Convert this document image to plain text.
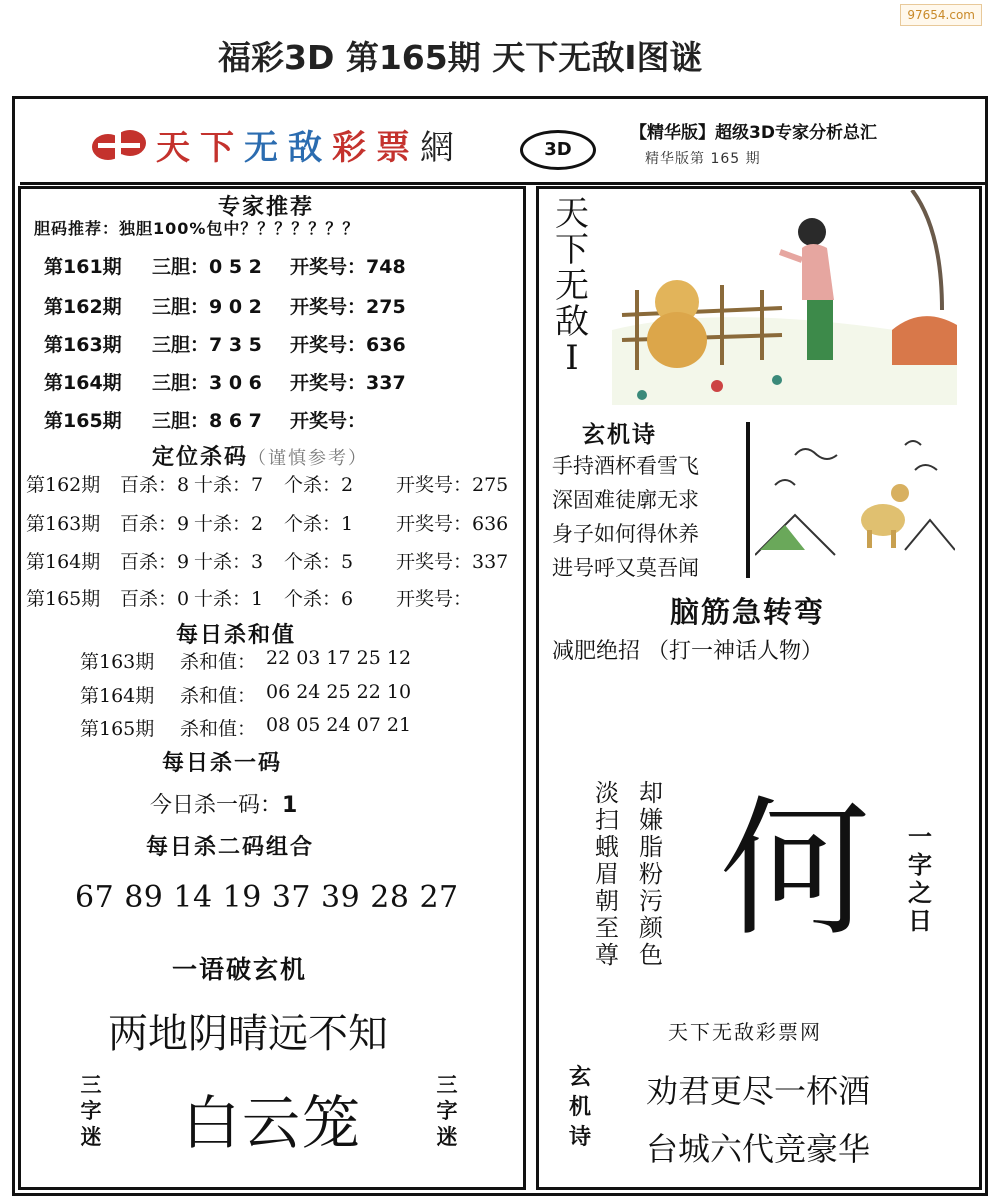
97654.com
福彩3D 第165期 天下无敌Ⅰ图谜
天下无敌彩票網	3D
【精华版】超级3D专家分析总汇
精华版第 165 期
专家推荐
胆码推荐：独胆100%包中？？？？？？？
第161期 三胆：0 5 2 开奖号：748
第162期 三胆：9 0 2 开奖号：275
第163期 三胆：7 3 5 开奖号：636
第164期 三胆：3 0 6 开奖号：337
第165期 三胆：8 6 7 开奖号：
定位杀码（谨慎参考）
第162期 百杀：8 十杀：7 个杀：2 开奖号：275
第163期 百杀：9 十杀：2 个杀：1 开奖号：636
第164期 百杀：9 十杀：3 个杀：5 开奖号：337
第165期 百杀：0 十杀：1 个杀：6 开奖号：
每日杀和值
第163期 杀和值： 22 03 17 25 12
第164期 杀和值： 06 24 25 22 10
第165期 杀和值： 08 05 24 07 21
每日杀一码
今日杀一码：1
每日杀二码组合
67 89 14 19 37 39 28 27
一语破玄机
两地阴晴远不知
三字迷 白云笼
三字迷
天下无敌Ⅰ
玄机诗
手持酒杯看雪飞
深固难徒廓无求
身子如何得休养
进号呼又莫吾闻
脑筋急转弯
减肥绝招 （打一神话人物）
却嫌脂粉污颜色
淡扫蛾眉朝至尊 何	一字之日
天下无敌彩票网
玄机诗
劝君更尽一杯酒
台城六代竞豪华
